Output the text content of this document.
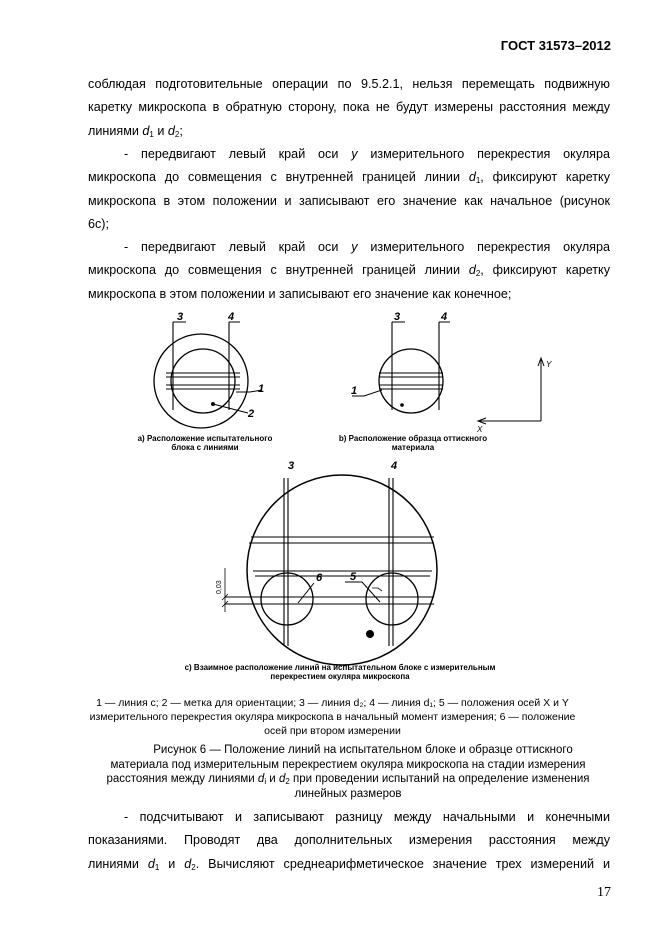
ГОСТ 31573–2012
соблюдая подготовительные операции по 9.5.2.1, нельзя перемещать подвижную
каретку микроскопа в обратную сторону, пока не будут измерены расстояния между
линиями $d_1$ и $d_2$;
- передвигают левый край оси у измерительного перекрестия окуляра
микроскопа до совмещения с внутренней границей линии $d_1$, фиксируют каретку
микроскопа в этом положении и записывают его значение как начальное (рисунок
6с);
- передвигают левый край оси у измерительного перекрестия окуляра
микроскопа до совмещения с внутренней границей линии $d_2$, фиксируют каретку
микроскопа в этом положении и записывают его значение как конечное;
3	4
1
2
3	4
1
Y
X
3	4
6	5
0,03
а) Расположение испытательного
блока с линиями
b) Расположение образца оттискного
материала
с) Взаимное расположение линий на испытательном блоке с измерительным
перекрестием окуляра микроскопа
1 — линия с; 2 — метка для ориентации; 3 — линия d₂; 4 — линия d₁; 5 — положения осей Х и Y
измерительного перекрестия окуляра микроскопа в начальный момент измерения; 6 — положение
осей при втором измерении
Рисунок 6 — Положение линий на испытательном блоке и образце оттискного
материала под измерительным перекрестием окуляра микроскопа на стадии измерения
расстояния между линиями $d_i$ и $d_2$ при проведении испытаний на определение изменения
линейных размеров
- подсчитывают и записывают разницу между начальными и конечными
показаниями. Проводят два дополнительных измерения расстояния между
линиями $d_1$ и $d_2$. Вычисляют среднеарифметическое значение трех измерений и
17
